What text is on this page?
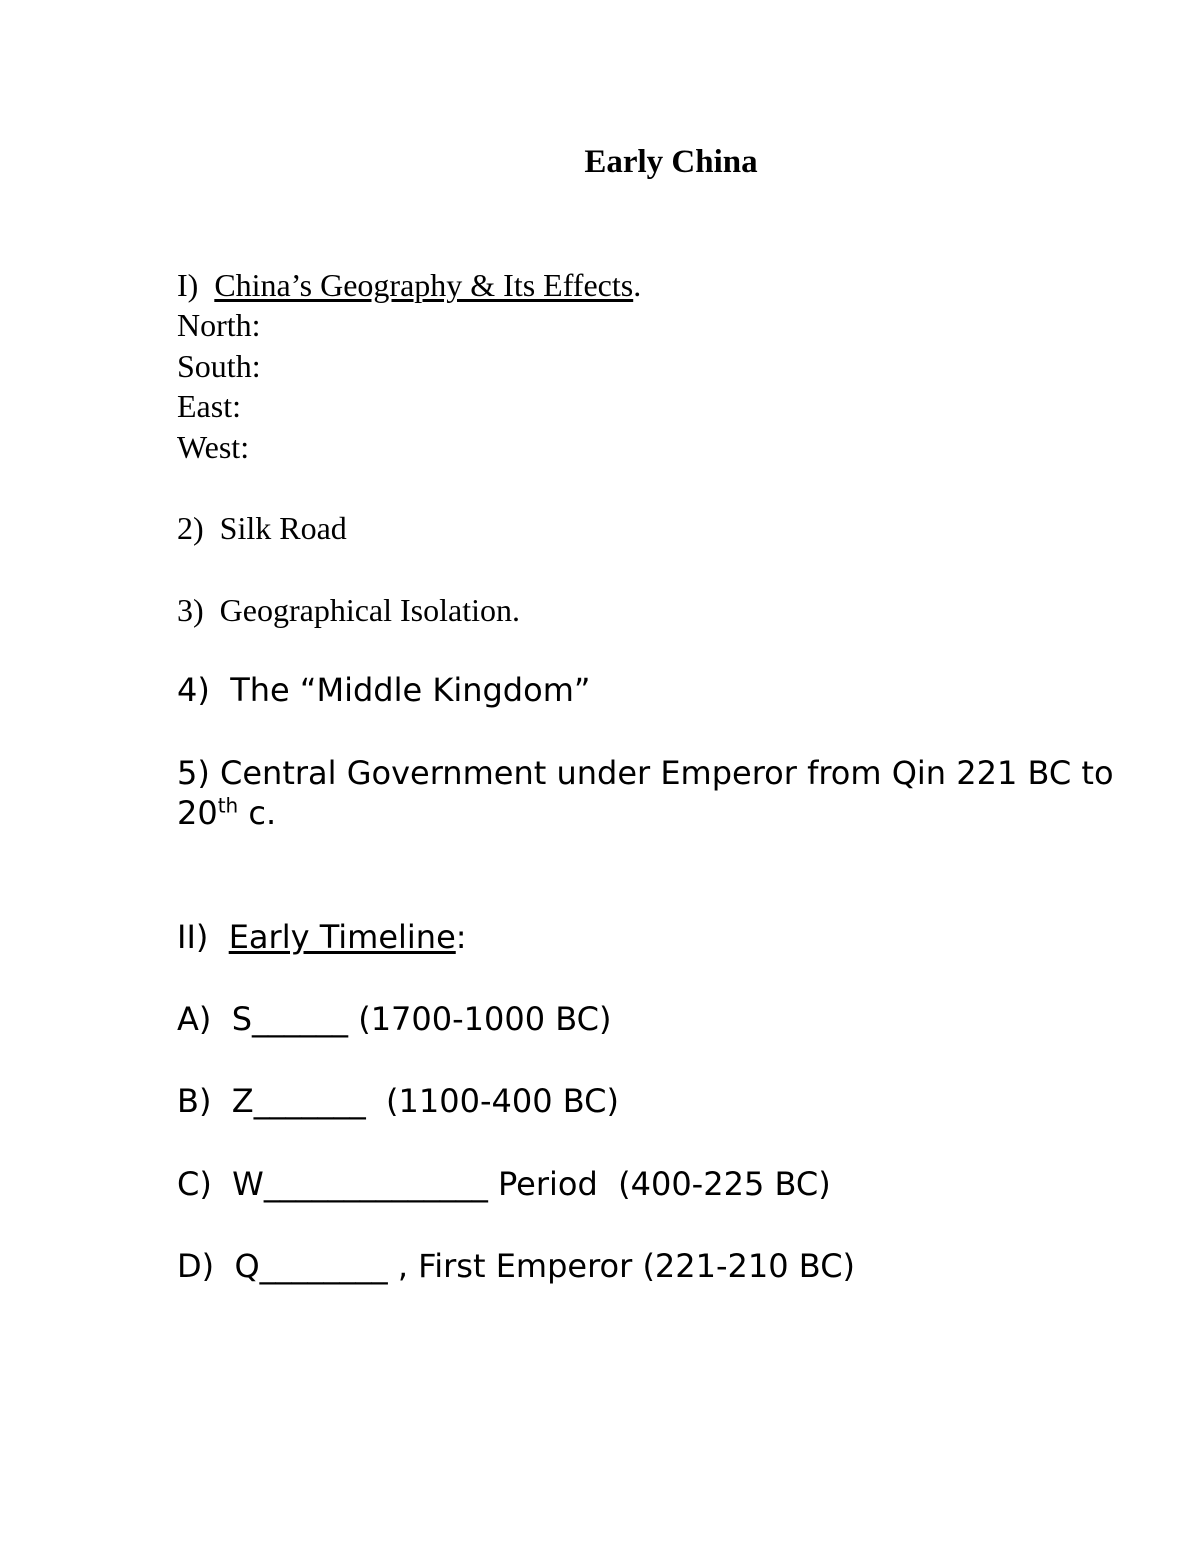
Early China
I) China’s Geography & Its Effects.
North:
South:
East:
West:
2)  Silk Road
3)  Geographical Isolation.
4)  The “Middle Kingdom”
5) Central Government under Emperor from Qin 221 BC to 20th c.
II) Early Timeline:
A)  S______ (1700-1000 BC)
B)  Z_______  (1100-400 BC)
C)  W______________ Period  (400-225 BC)
D)  Q________ , First Emperor (221-210 BC)
